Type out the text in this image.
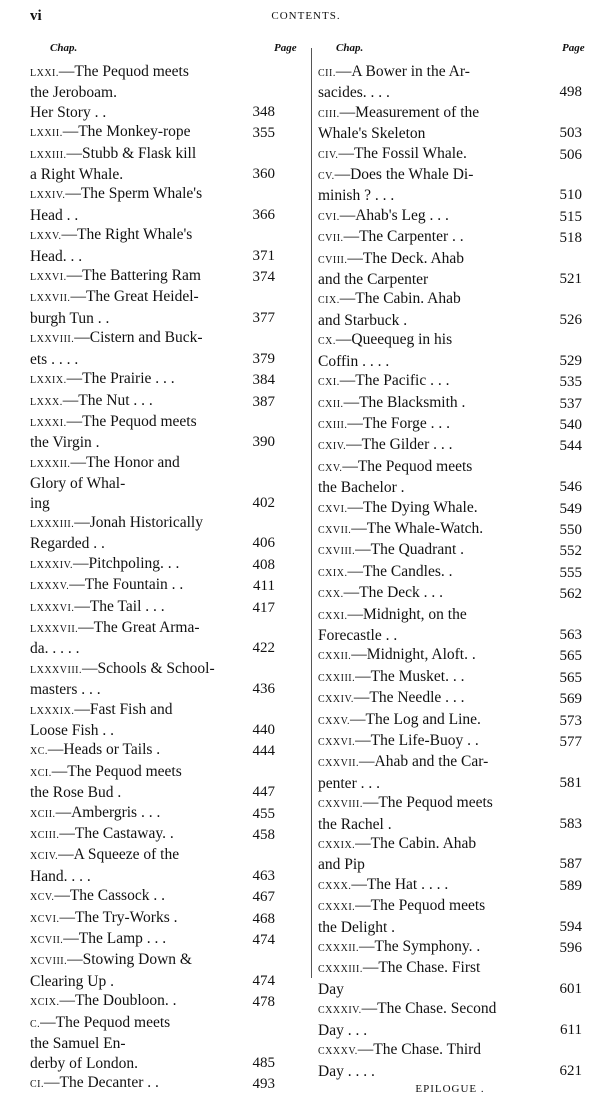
vi	CONTENTS.
Chap.	Page	Chap.	Page
LXXI.—The Pequod meets
the Jeroboam.
Her Story . .	348
LXXII.—The Monkey-rope	355
LXXIII.—Stubb & Flask kill
a Right Whale.	360
LXXIV.—The Sperm Whale's
Head . .	366
LXXV.—The Right Whale's
Head. . .	371
LXXVI.—The Battering Ram	374
LXXVII.—The Great Heidel-
burgh Tun . .	377
LXXVIII.—Cistern and Buck-
ets . . . .	379
LXXIX.—The Prairie . . .	384
LXXX.—The Nut . . .	387
LXXXI.—The Pequod meets
the Virgin .	390
LXXXII.—The Honor and
Glory of Whal-
ing	402
LXXXIII.—Jonah Historically
Regarded . .	406
LXXXIV.—Pitchpoling. . .	408
LXXXV.—The Fountain . .	411
LXXXVI.—The Tail . . .	417
LXXXVII.—The Great Arma-
da. . . . .	422
LXXXVIII.—Schools & School-
masters . . .	436
LXXXIX.—Fast Fish and
Loose Fish . .	440
XC.—Heads or Tails .	444
XCI.—The Pequod meets
the Rose Bud .	447
XCII.—Ambergris . . .	455
XCIII.—The Castaway. .	458
XCIV.—A Squeeze of the
Hand. . . .	463
XCV.—The Cassock . .	467
XCVI.—The Try-Works .	468
XCVII.—The Lamp . . .	474
XCVIII.—Stowing Down &
Clearing Up .	474
XCIX.—The Doubloon. .	478
C.—The Pequod meets
the Samuel En-
derby of London.	485
CI.—The Decanter . .	493
CII.—A Bower in the Ar-
sacides. . . .	498
CIII.—Measurement of the
Whale's Skeleton	503
CIV.—The Fossil Whale.	506
CV.—Does the Whale Di-
minish ? . . .	510
CVI.—Ahab's Leg . . .	515
CVII.—The Carpenter . .	518
CVIII.—The Deck. Ahab
and the Carpenter	521
CIX.—The Cabin. Ahab
and Starbuck .	526
CX.—Queequeg in his
Coffin . . . .	529
CXI.—The Pacific . . .	535
CXII.—The Blacksmith .	537
CXIII.—The Forge . . .	540
CXIV.—The Gilder . . .	544
CXV.—The Pequod meets
the Bachelor .	546
CXVI.—The Dying Whale.	549
CXVII.—The Whale-Watch.	550
CXVIII.—The Quadrant .	552
CXIX.—The Candles. .	555
CXX.—The Deck . . .	562
CXXI.—Midnight, on the
Forecastle . .	563
CXXII.—Midnight, Aloft. .	565
CXXIII.—The Musket. . .	565
CXXIV.—The Needle . . .	569
CXXV.—The Log and Line.	573
CXXVI.—The Life-Buoy . .	577
CXXVII.—Ahab and the Car-
penter . . .	581
CXXVIII.—The Pequod meets
the Rachel .	583
CXXIX.—The Cabin. Ahab
and Pip	587
CXXX.—The Hat . . . .	589
CXXXI.—The Pequod meets
the Delight .	594
CXXXII.—The Symphony. .	596
CXXXIII.—The Chase. First
Day	601
CXXXIV.—The Chase. Second
Day . . .	611
CXXXV.—The Chase. Third
Day . . . .	621
EPILOGUE .
